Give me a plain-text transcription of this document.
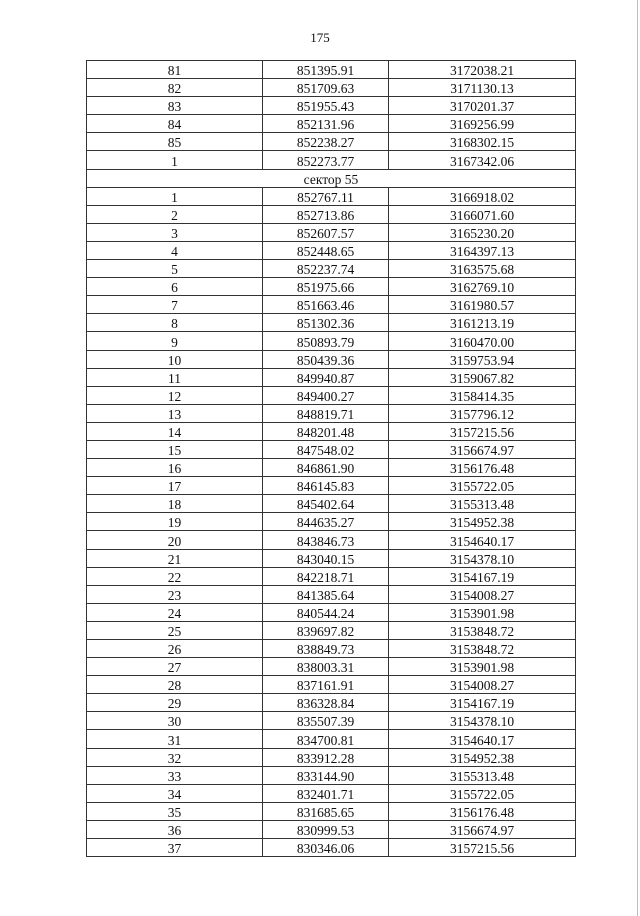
175
81	851395.91	3172038.21
82	851709.63	3171130.13
83	851955.43	3170201.37
84	852131.96	3169256.99
85	852238.27	3168302.15
1	852273.77	3167342.06
сектор 55		
1	852767.11	3166918.02
2	852713.86	3166071.60
3	852607.57	3165230.20
4	852448.65	3164397.13
5	852237.74	3163575.68
6	851975.66	3162769.10
7	851663.46	3161980.57
8	851302.36	3161213.19
9	850893.79	3160470.00
10	850439.36	3159753.94
11	849940.87	3159067.82
12	849400.27	3158414.35
13	848819.71	3157796.12
14	848201.48	3157215.56
15	847548.02	3156674.97
16	846861.90	3156176.48
17	846145.83	3155722.05
18	845402.64	3155313.48
19	844635.27	3154952.38
20	843846.73	3154640.17
21	843040.15	3154378.10
22	842218.71	3154167.19
23	841385.64	3154008.27
24	840544.24	3153901.98
25	839697.82	3153848.72
26	838849.73	3153848.72
27	838003.31	3153901.98
28	837161.91	3154008.27
29	836328.84	3154167.19
30	835507.39	3154378.10
31	834700.81	3154640.17
32	833912.28	3154952.38
33	833144.90	3155313.48
34	832401.71	3155722.05
35	831685.65	3156176.48
36	830999.53	3156674.97
37	830346.06	3157215.56
